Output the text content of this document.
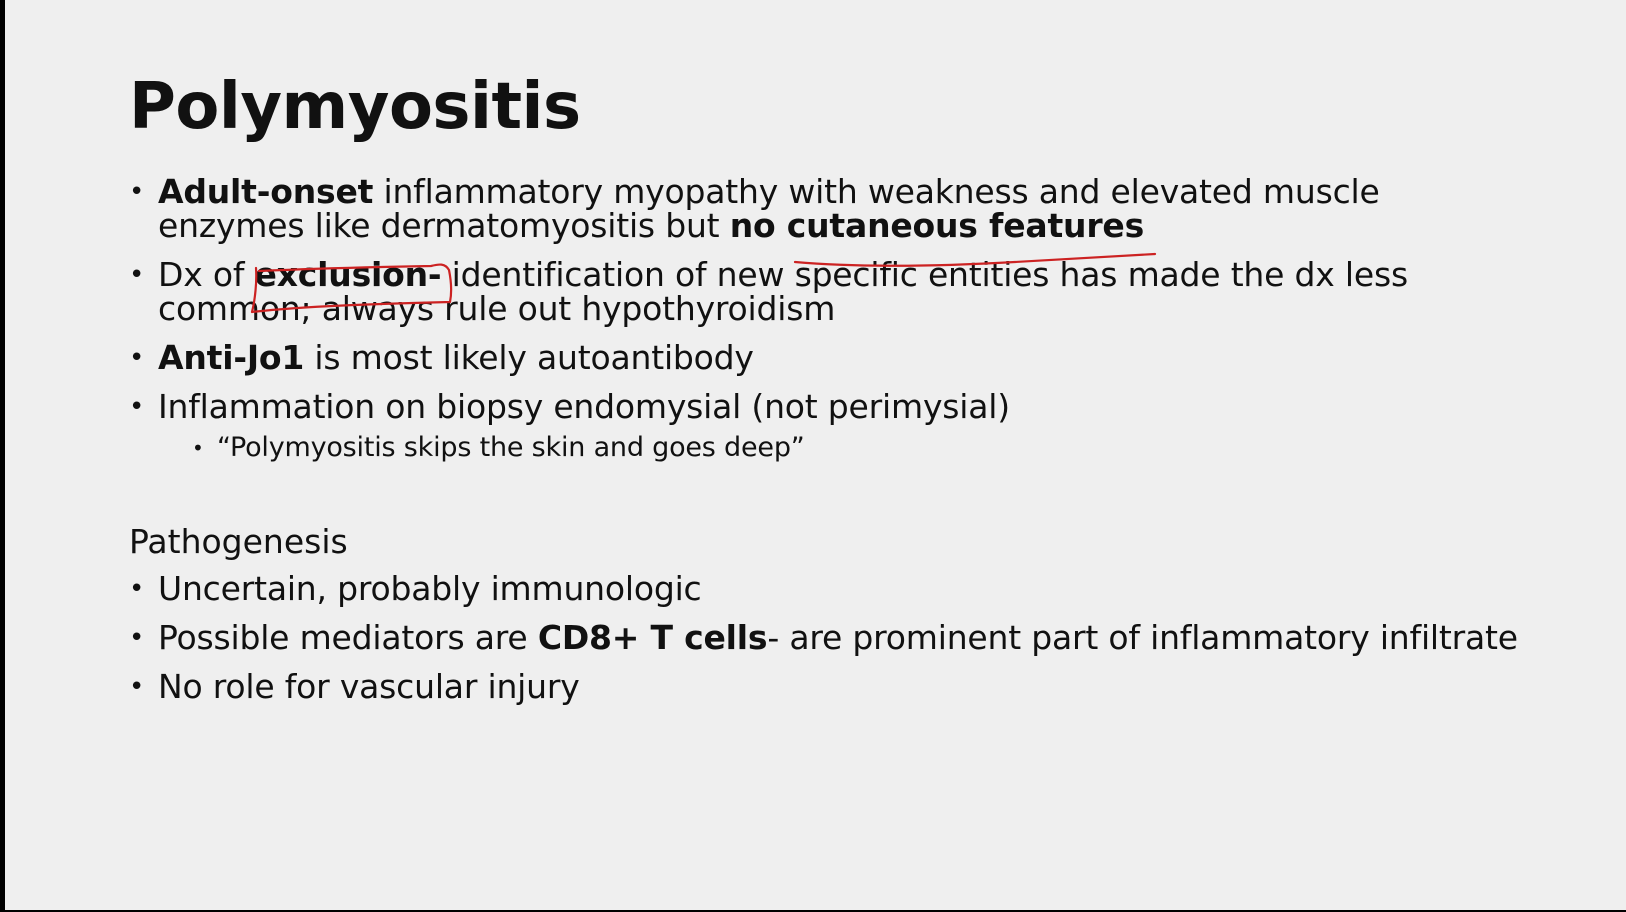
Polymyositis
• Adult-onset inflammatory myopathy with weakness and elevated muscle enzymes like dermatomyositis but no cutaneous features
• Dx of exclusion- identification of new specific entities has made the dx less common; always rule out hypothyroidism
• Anti-Jo1 is most likely autoantibody
• Inflammation on biopsy endomysial (not perimysial)
• “Polymyositis skips the skin and goes deep”
Pathogenesis
• Uncertain, probably immunologic
• Possible mediators are CD8+ T cells- are prominent part of inflammatory infiltrate
• No role for vascular injury
